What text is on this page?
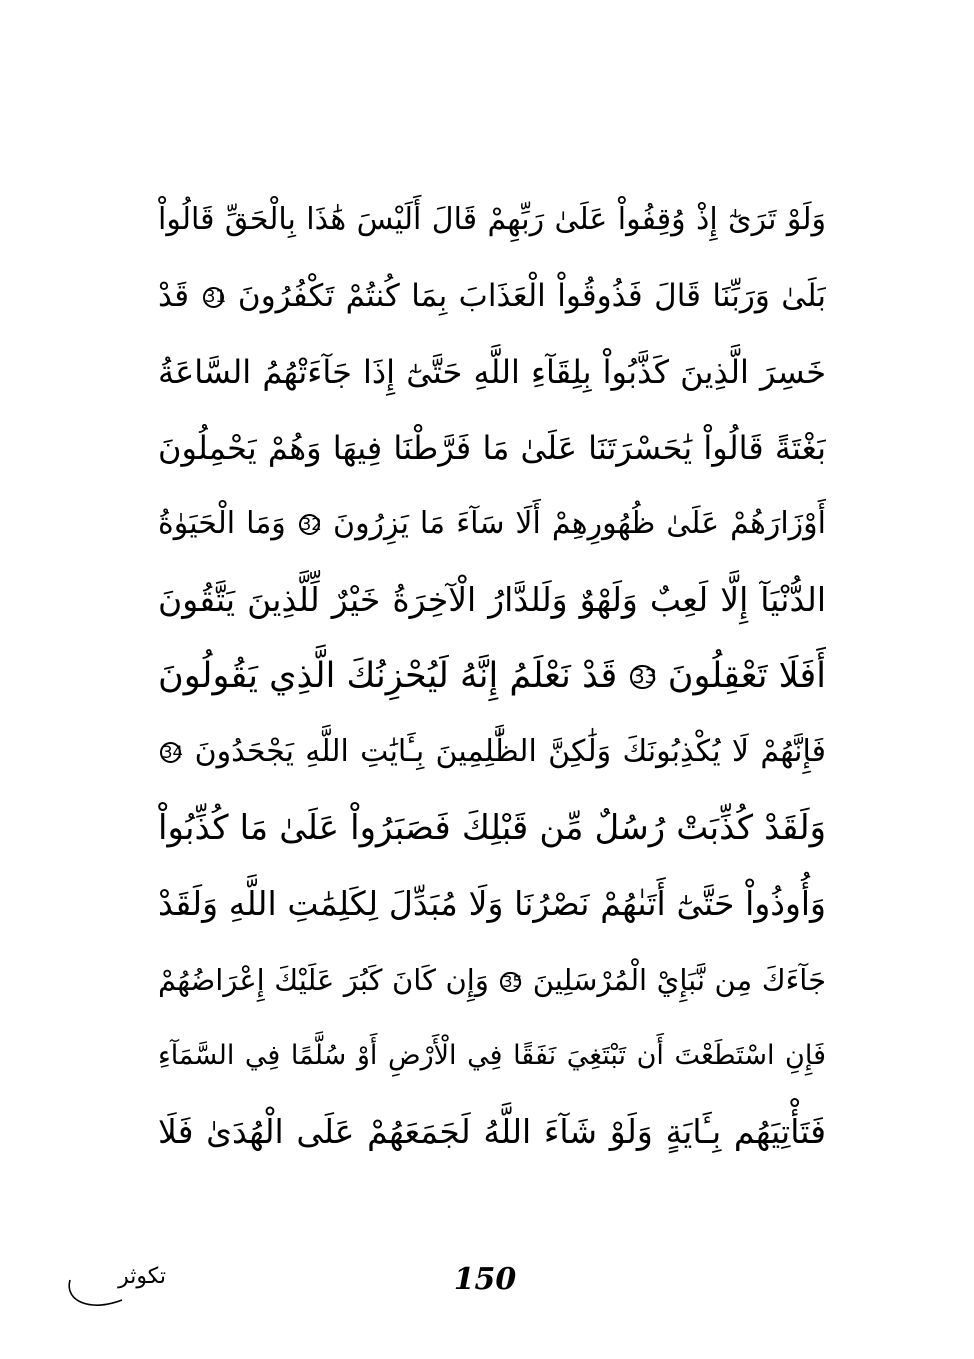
وَلَوْ تَرَىٰٓ إِذْ وُقِفُواْ عَلَىٰ رَبِّهِمْ قَالَ أَلَيْسَ هَٰذَا بِالْحَقِّ قَالُواْ
بَلَىٰ وَرَبِّنَا قَالَ فَذُوقُواْ الْعَذَابَ بِمَا كُنتُمْ تَكْفُرُونَ 31 قَدْ
خَسِرَ الَّذِينَ كَذَّبُواْ بِلِقَآءِ اللَّهِ حَتَّىٰٓ إِذَا جَآءَتْهُمُ السَّاعَةُ
بَغْتَةً قَالُواْ يَٰحَسْرَتَنَا عَلَىٰ مَا فَرَّطْنَا فِيهَا وَهُمْ يَحْمِلُونَ
أَوْزَارَهُمْ عَلَىٰ ظُهُورِهِمْ أَلَا سَآءَ مَا يَزِرُونَ 32 وَمَا الْحَيَوٰةُ
الدُّنْيَآ إِلَّا لَعِبٌ وَلَهْوٌ وَلَلدَّارُ الْآخِرَةُ خَيْرٌ لِّلَّذِينَ يَتَّقُونَ
أَفَلَا تَعْقِلُونَ 33 قَدْ نَعْلَمُ إِنَّهُ لَيُحْزِنُكَ الَّذِي يَقُولُونَ
فَإِنَّهُمْ لَا يُكْذِبُونَكَ وَلَٰكِنَّ الظَّٰلِمِينَ بِـَٔايَٰتِ اللَّهِ يَجْحَدُونَ 34
وَلَقَدْ كُذِّبَتْ رُسُلٌ مِّن قَبْلِكَ فَصَبَرُواْ عَلَىٰ مَا كُذِّبُواْ
وَأُوذُواْ حَتَّىٰٓ أَتَىٰهُمْ نَصْرُنَا وَلَا مُبَدِّلَ لِكَلِمَٰتِ اللَّهِ وَلَقَدْ
جَآءَكَ مِن نَّبَإِيْ الْمُرْسَلِينَ 35 وَإِن كَانَ كَبُرَ عَلَيْكَ إِعْرَاضُهُمْ
فَإِنِ اسْتَطَعْتَ أَن تَبْتَغِيَ نَفَقًا فِي الْأَرْضِ أَوْ سُلَّمًا فِي السَّمَآءِ
فَتَأْتِيَهُم بِـَٔايَةٍ وَلَوْ شَآءَ اللَّهُ لَجَمَعَهُمْ عَلَى الْهُدَىٰ فَلَا
تكوثر	150
